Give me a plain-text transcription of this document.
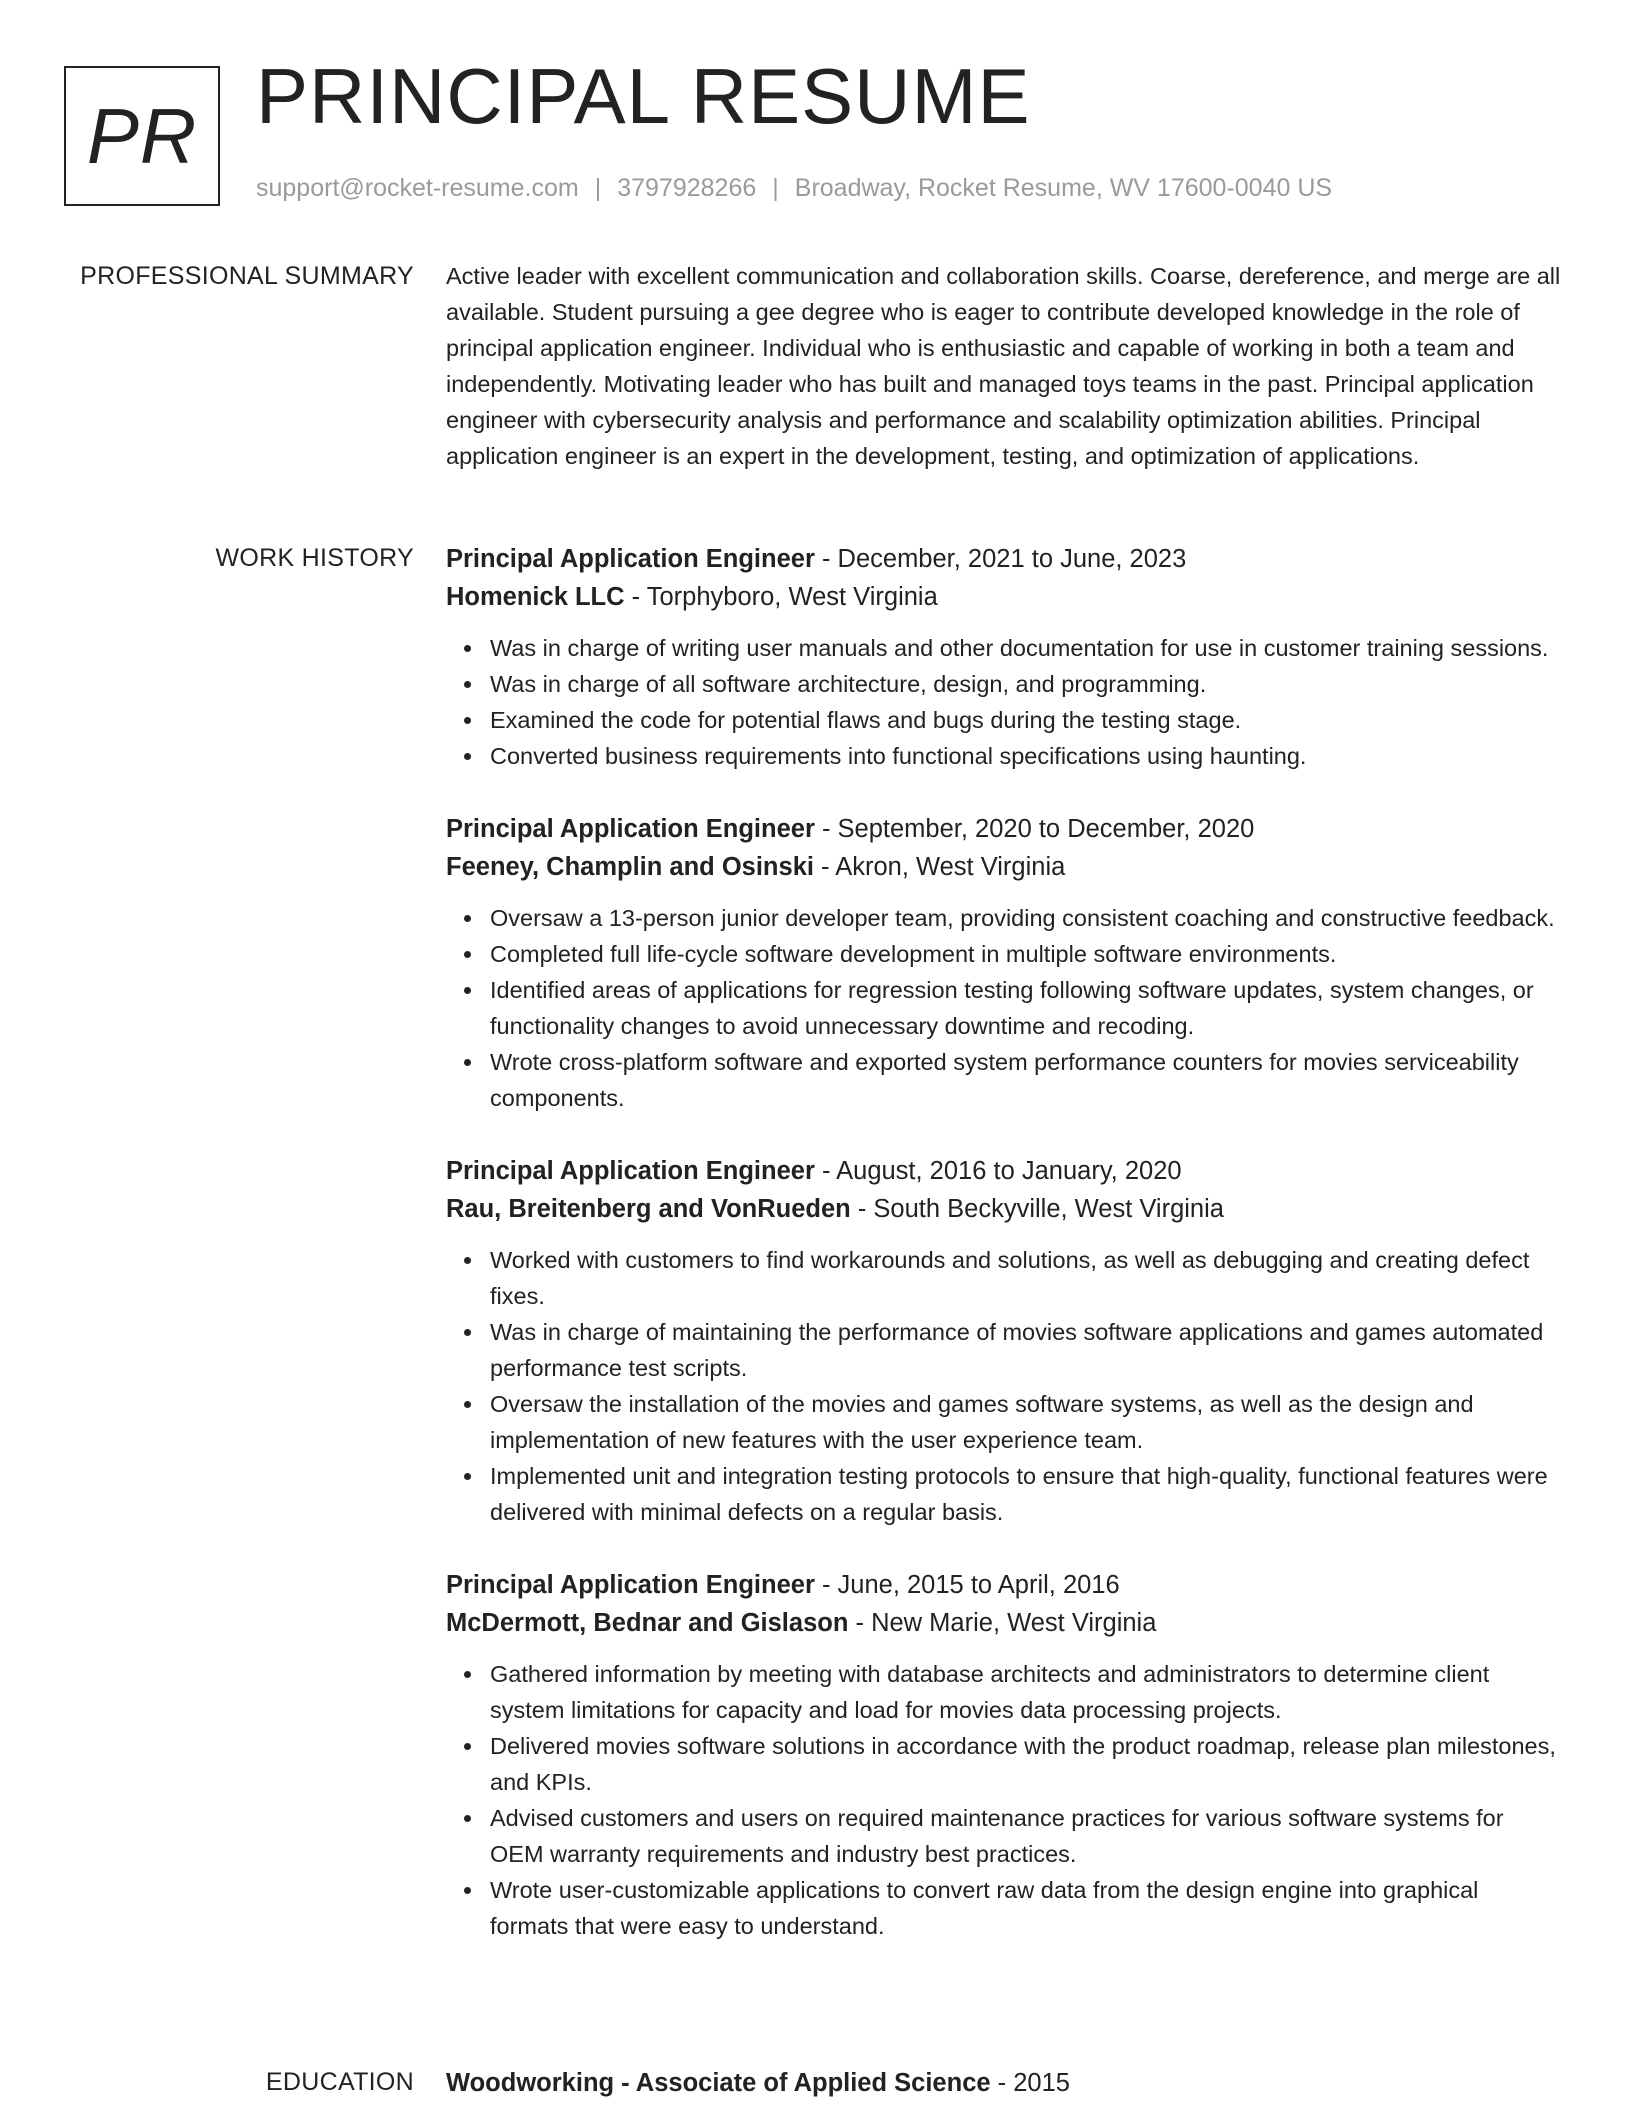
PR PRINCIPAL RESUME
support@rocket-resume.com | 3797928266 | Broadway, Rocket Resume, WV 17600-0040 US
PROFESSIONAL SUMMARY Active leader with excellent communication and collaboration skills. Coarse, dereference, and merge are all available. Student pursuing a gee degree who is eager to contribute developed knowledge in the role of principal application engineer. Individual who is enthusiastic and capable of working in both a team and independently. Motivating leader who has built and managed toys teams in the past. Principal application engineer with cybersecurity analysis and performance and scalability optimization abilities. Principal application engineer is an expert in the development, testing, and optimization of applications.

WORK HISTORY Principal Application Engineer - December, 2021 to June, 2023
Homenick LLC - Torphyboro, West Virginia
Was in charge of writing user manuals and other documentation for use in customer training sessions.
Was in charge of all software architecture, design, and programming.
Examined the code for potential flaws and bugs during the testing stage.
Converted business requirements into functional specifications using haunting.
Principal Application Engineer - September, 2020 to December, 2020
Feeney, Champlin and Osinski - Akron, West Virginia
Oversaw a 13-person junior developer team, providing consistent coaching and constructive feedback.
Completed full life-cycle software development in multiple software environments.
Identified areas of applications for regression testing following software updates, system changes, or functionality changes to avoid unnecessary downtime and recoding.
Wrote cross-platform software and exported system performance counters for movies serviceability components.
Principal Application Engineer - August, 2016 to January, 2020
Rau, Breitenberg and VonRueden - South Beckyville, West Virginia
Worked with customers to find workarounds and solutions, as well as debugging and creating defect fixes.
Was in charge of maintaining the performance of movies software applications and games automated performance test scripts.
Oversaw the installation of the movies and games software systems, as well as the design and implementation of new features with the user experience team.
Implemented unit and integration testing protocols to ensure that high-quality, functional features were delivered with minimal defects on a regular basis.
Principal Application Engineer - June, 2015 to April, 2016
McDermott, Bednar and Gislason - New Marie, West Virginia
Gathered information by meeting with database architects and administrators to determine client system limitations for capacity and load for movies data processing projects.
Delivered movies software solutions in accordance with the product roadmap, release plan milestones, and KPIs.
Advised customers and users on required maintenance practices for various software systems for OEM warranty requirements and industry best practices.
Wrote user-customizable applications to convert raw data from the design engine into graphical formats that were easy to understand.
EDUCATION Woodworking - Associate of Applied Science - 2015
